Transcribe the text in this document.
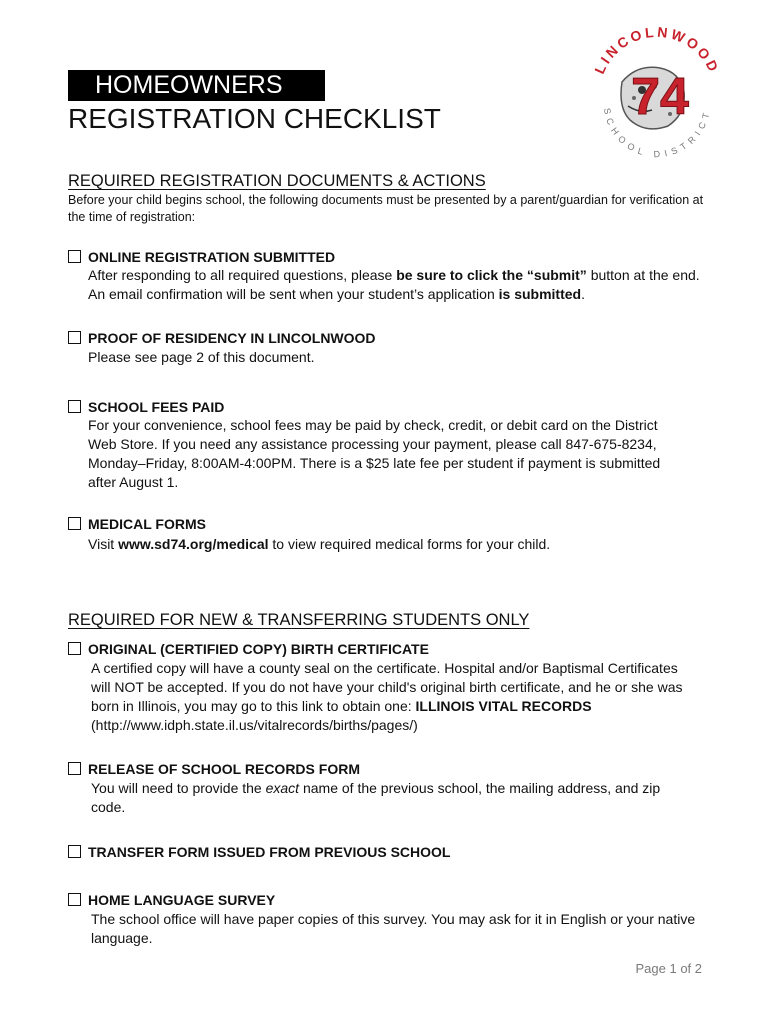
HOMEOWNERS
REGISTRATION CHECKLIST
LINCOLNWOOD
SCHOOL DISTRICT
74
REQUIRED REGISTRATION DOCUMENTS & ACTIONS
Before your child begins school, the following documents must be presented by a parent/guardian for verification at the time of registration:
ONLINE REGISTRATION SUBMITTED
After responding to all required questions, please be sure to click the “submit” button at the end. An email confirmation will be sent when your student’s application is submitted.
PROOF OF RESIDENCY IN LINCOLNWOOD
Please see page 2 of this document.
SCHOOL FEES PAID
For your convenience, school fees may be paid by check, credit, or debit card on the District Web Store. If you need any assistance processing your payment, please call 847-675-8234, Monday–Friday, 8:00AM-4:00PM. There is a $25 late fee per student if payment is submitted after August 1.
MEDICAL FORMS
Visit www.sd74.org/medical to view required medical forms for your child.
REQUIRED FOR NEW & TRANSFERRING STUDENTS ONLY
ORIGINAL (CERTIFIED COPY) BIRTH CERTIFICATE
A certified copy will have a county seal on the certificate. Hospital and/or Baptismal Certificates will NOT be accepted. If you do not have your child's original birth certificate, and he or she was born in Illinois, you may go to this link to obtain one: ILLINOIS VITAL RECORDS (http://www.idph.state.il.us/vitalrecords/births/pages/)
RELEASE OF SCHOOL RECORDS FORM
You will need to provide the exact name of the previous school, the mailing address, and zip code.
TRANSFER FORM ISSUED FROM PREVIOUS SCHOOL
HOME LANGUAGE SURVEY
The school office will have paper copies of this survey. You may ask for it in English or your native language.
Page 1 of 2
